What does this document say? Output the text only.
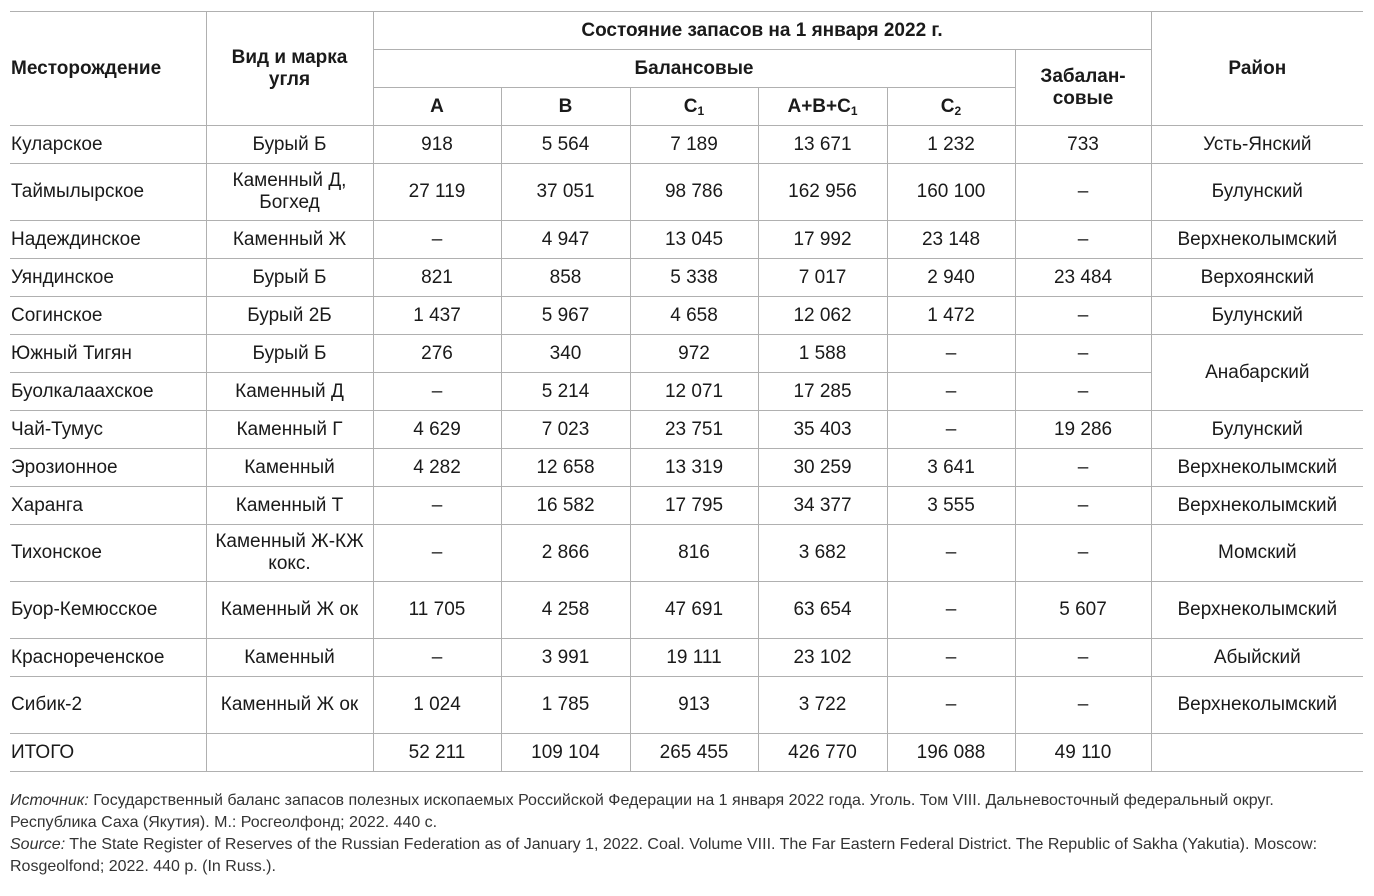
Месторождение	Вид и марка угля	Состояние запасов на 1 января 2022 г.						Район
		Балансовые					Забалан-совые	
		A	B	$C_1$	$A+B+C_1$	$C_2$
Куларское	Бурый Б	918	5 564	7 189	13 671	1 232	733	Усть-Янский
Таймылырское	Каменный Д, Богхед	27 119	37 051	98 786	162 956	160 100	–	Булунский
Надеждинское	Каменный Ж	–	4 947	13 045	17 992	23 148	–	Верхнеколымский
Уяндинское	Бурый Б	821	858	5 338	7 017	2 940	23 484	Верхоянский
Согинское	Бурый 2Б	1 437	5 967	4 658	12 062	1 472	–	Булунский
Южный Тигян	Бурый Б	276	340	972	1 588	–	–	Анабарский
Буолкалаахское	Каменный Д	–	5 214	12 071	17 285	–	–	
Чай-Тумус	Каменный Г	4 629	7 023	23 751	35 403	–	19 286	Булунский
Эрозионное	Каменный	4 282	12 658	13 319	30 259	3 641	–	Верхнеколымский
Харанга	Каменный Т	–	16 582	17 795	34 377	3 555	–	Верхнеколымский
Тихонское	Каменный Ж-КЖ кокс.	–	2 866	816	3 682	–	–	Момский
Буор-Кемюсское	Каменный Ж ок	11 705	4 258	47 691	63 654	–	5 607	Верхнеколымский
Краснореченское	Каменный	–	3 991	19 111	23 102	–	–	Абыйский
Сибик-2	Каменный Ж ок	1 024	1 785	913	3 722	–	–	Верхнеколымский
ИТОГО		52 211	109 104	265 455	426 770	196 088	49 110	
Источник: Государственный баланс запасов полезных ископаемых Российской Федерации на 1 января 2022 года. Уголь. Том VIII. Дальневосточный федеральный округ. Республика Саха (Якутия). М.: Росгеолфонд; 2022. 440 с.
Source: The State Register of Reserves of the Russian Federation as of January 1, 2022. Coal. Volume VIII. The Far Eastern Federal District. The Republic of Sakha (Yakutia). Moscow: Rosgeolfond; 2022. 440 p. (In Russ.).
